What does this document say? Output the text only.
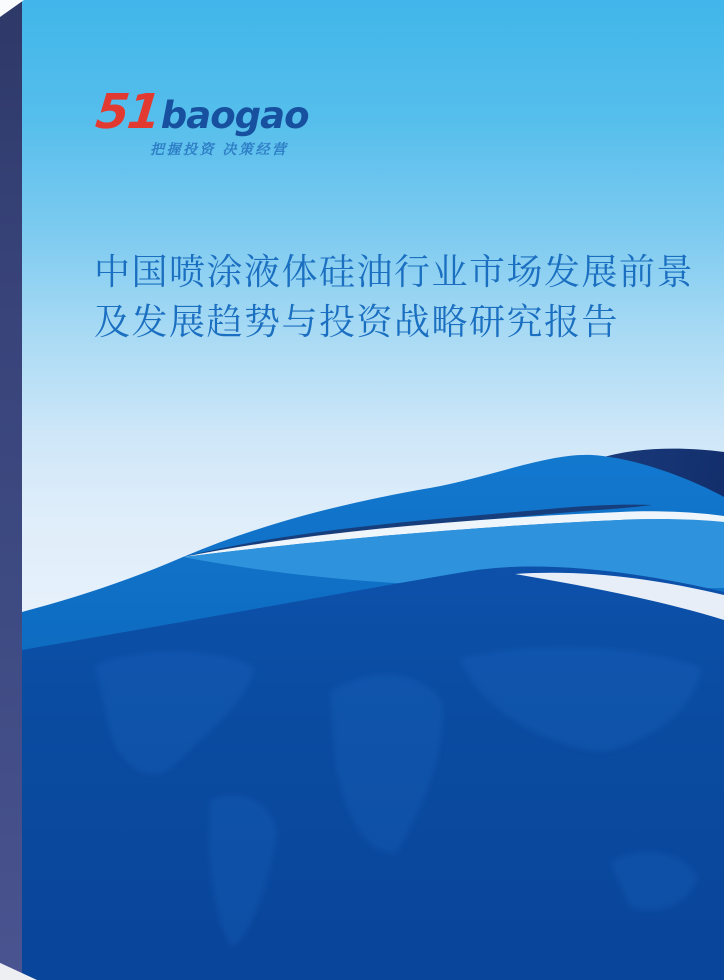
51 baogao
把握投资 决策经营
中国喷涂液体硅油行业市场发展前景
及发展趋势与投资战略研究报告
